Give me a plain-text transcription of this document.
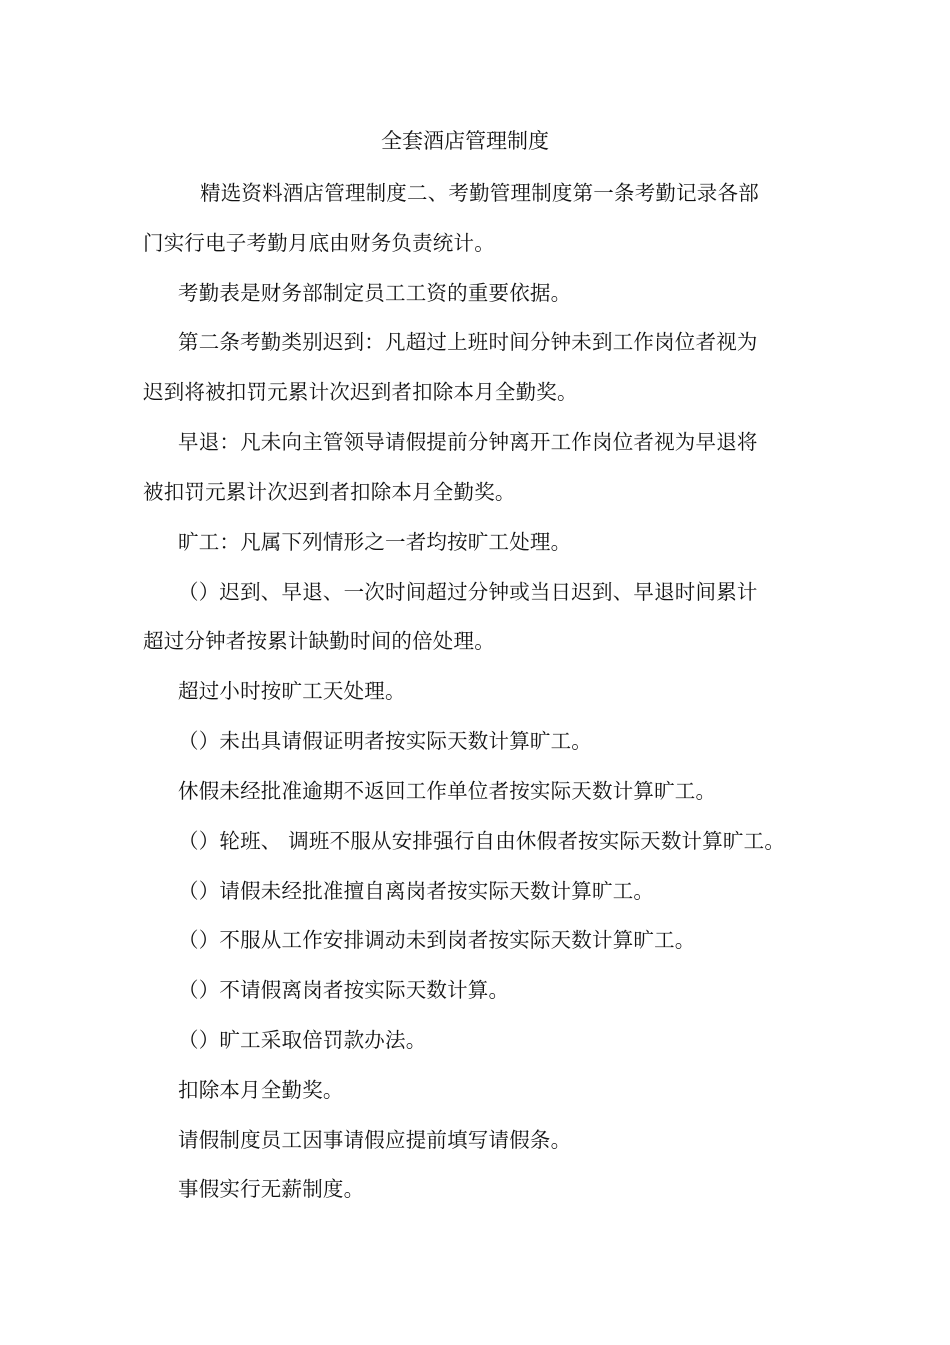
全套酒店管理制度
精选资料酒店管理制度二、考勤管理制度第一条考勤记录各部
门实行电子考勤月底由财务负责统计。
考勤表是财务部制定员工工资的重要依据。
第二条考勤类别迟到：凡超过上班时间分钟未到工作岗位者视为
迟到将被扣罚元累计次迟到者扣除本月全勤奖。
早退：凡未向主管领导请假提前分钟离开工作岗位者视为早退将
被扣罚元累计次迟到者扣除本月全勤奖。
旷工：凡属下列情形之一者均按旷工处理。
（）迟到、早退、一次时间超过分钟或当日迟到、早退时间累计
超过分钟者按累计缺勤时间的倍处理。
超过小时按旷工天处理。
（）未出具请假证明者按实际天数计算旷工。
休假未经批准逾期不返回工作单位者按实际天数计算旷工。
（）轮班、 调班不服从安排强行自由休假者按实际天数计算旷工。
（）请假未经批准擅自离岗者按实际天数计算旷工。
（）不服从工作安排调动未到岗者按实际天数计算旷工。
（）不请假离岗者按实际天数计算。
（）旷工采取倍罚款办法。
扣除本月全勤奖。
请假制度员工因事请假应提前填写请假条。
事假实行无薪制度。
